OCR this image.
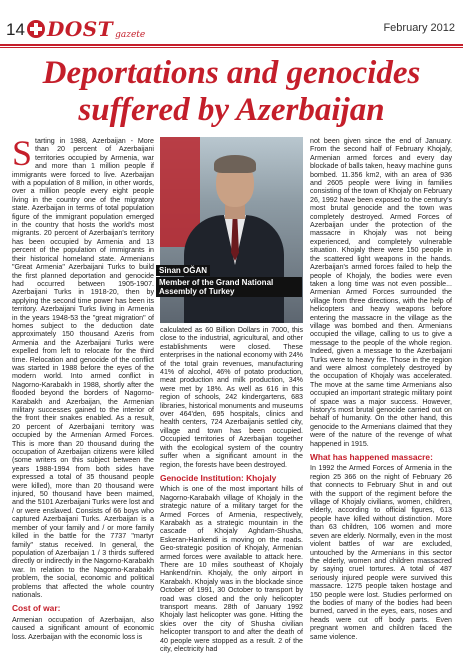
14 DOST gazete
February 2012
Deportations and genocides
suffered by Azerbaijan
S tarting in 1988, Azerbaijan - More than 20 percent of Azerbaijani territories occupied by Armenia, war and more than 1 million people if immigrants were forced to live. Azerbaijan with a population of 8 million, in other words, over a million people every eight people living in the country one of the migratory state. Azerbaijan in terms of total population figure of the immigrant population emerged in the country that hosts the world's most migrants. 20 percent of Azerbaijan's territory has been occupied by Armenia and 13 percent of the population of immigrants in their historical homeland state. Armenians "Great Armenia" Azerbaijani Turks to build the first planned deportation and genocide had occurred between 1905-1907. Azerbaijani Turks in 1918-20, then by applying the second time power has been its territory. Azerbaijani Turks living in Armenia in the years 1948-53 the "great migration" of homes subject to the deduction date approximately 150 thousand Azeris from Armenia and the Azerbaijani Turks were expelled from left to relocate for the third time. Relocation and genocide of the conflict was started in 1988 before the eyes of the modern world. Into armed conflict in Nagorno-Karabakh in 1988, shortly after the flooded beyond the borders of Nagorno-Karabakh and Azerbaijan, the Armenian military successes gained to the interior of the front their snakes enabled. As a result, 20 percent of Azerbaijani territory was occupied by the Armenian Armed Forces. This is more than 20 thousand during the occupation of Azerbaijan citizens were killed (some writers on this subject between the years 1988-1994 from both sides have expressed a total of 35 thousand people were killed), more than 20 thousand were injured, 50 thousand have been maimed, and the 5101 Azerbaijani Turks were lost and / or were enslaved. Consists of 66 boys who captured Azerbaijani Turks. Azerbaijan is a member of your family and / or more family killed in the battle for the 7737 "martyr family" status received. In general, the population of Azerbaijan 1 / 3 thirds suffered directly or indirectly in the Nagorno-Karabakh war. In relation to the Nagorno-Karabakh problem, the social, economic and political problems that affected the whole country nationals.

Cost of war:

Armenian occupation of Azerbaijan, also caused a significant amount of economic loss. Azerbaijan with the economic loss is

Sinan OĞAN
Member of the Grand National Assembly of Turkey

calculated as 60 Billion Dollars in 7000, this close to the industrial, agricultural, and other establishments were closed. These enterprises in the national economy with 24% of the total grain revenues, manufacturing 41% of alcohol, 46% of potato production, meat production and milk production, 34% were met by 18%. As well as 616 in this region of schools, 242 kindergartens, 683 libraries, historical monuments and museums over 464'den, 695 hospitals, clinics and health centers, 724 Azerbaijanis settled city, village and town has been occupied. Occupied territories of Azerbaijan together with the ecological system of the country suffer when a significant amount in the region, the forests have been destroyed.

Genocide Institution: Khojaly

Which is one of the most important hills of Nagorno-Karabakh village of Khojaly in the strategic nature of a military target for the Armed Forces of Armenia, respectively, Karabakh as a strategic mountain in the cascade of Khojaly Aghdam-Shusha, Eskeran-Hankendi is moving on the roads. Geo-strategic position of Khojaly, Armenian armed forces were available to attack here. There are 10 miles southeast of Khojaly Hankendi'nin. Khojaly, the only airport in Karabakh. Khojaly was in the blockade since October of 1991, 30 October to transport by road was closed and the only helicopter transport means. 28th of January 1992 Khojaly last helicopter was gone. Hitting the skies over the city of Shusha civilian helicopter transport to and after the death of 40 people were stopped as a result. 2 of the city, electricity had

not been given since the end of January. From the second half of February Khojaly, Armenian armed forces and every day blockade of balls taken, heavy machine guns bombed. 11.356 km2, with an area of 936 and 2605 people were living in families consisting of the town of Khojaly on February 26, 1992 have been exposed to the century's most brutal genocide and the town was completely destroyed. Armed Forces of Azerbaijan under the protection of the massacre in Khojaly was not being experienced, and completely vulnerable situation. Khojaly there were 150 people in the scattered light weapons in the hands. Azerbaijan's armed forces failed to help the people of Khojaly, the bodies were even taken a long time was not even possible... Armenian Armed Forces surrounded the village from three directions, with the help of helicopters and heavy weapons before entering the massacre in the village as the village was bombed and then. Armenians occupied the village, calling to us to give a message to the people of the whole region. Indeed, given a message to the Azerbaijani Turks were to heavy fire. Those in the region and were almost completely destroyed by the occupation of Khojaly was accelerated. The move at the same time Armenians also occupied an important strategic military point of space was a major success. However, history's most brutal genocide carried out on behalf of humanity. On the other hand, this genocide to the Armenians claimed that they were of the nature of the revenge of what happened in 1915.

What has happened massacre:

In 1992 the Armed Forces of Armenia in the region 25 366 on the night of February 26 that connects to February Shut in and out with the support of the regiment before the village of Khojaly civilians, women, children, elderly, according to official figures, 613 people have killed without distinction. More than 63 children, 106 women and more seven are elderly. Normally, even in the most violent battles of war are excluded, untouched by the Armenians in this sector the elderly, women and children massacred by saying cruel tortures. A total of 487 seriously injured people were survived this massacre. 1275 people taken hostage and 150 people were lost. Studies performed on the bodies of many of the bodies had been burned, carved in the eyes, ears, noses and heads were cut off body parts. Even pregnant women and children faced the same violence.
